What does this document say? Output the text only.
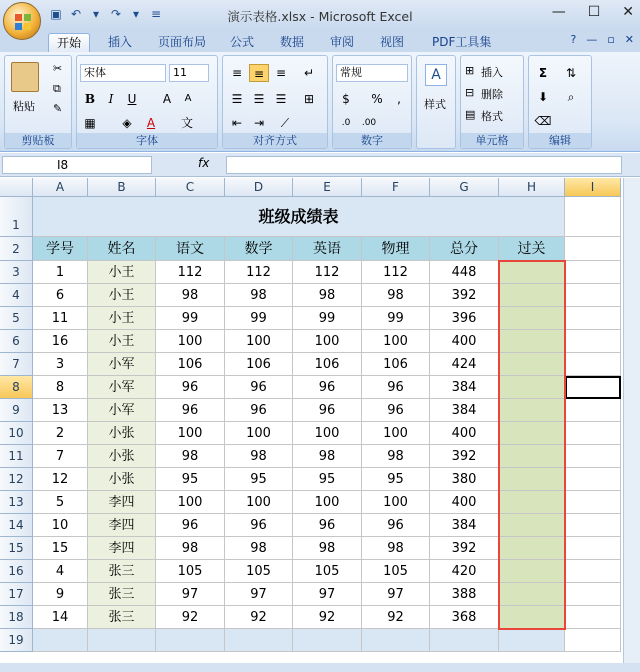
▣ ↶ ▾ ↷ ▾ ≡	演示表格.xlsx - Microsoft Excel	— ☐ ✕
开始	插入	页面布局	公式	数据	审阅	视图	PDF工具集	? — ▫ ✕
粘贴
✂
⧉
✎
剪贴板
宋体	11
B	I	U	A	A
▦	◈	A	文
字体
≡ ≡ ≡	↵
☰ ☰ ☰	⊞
⇤ ⇥	⟋
对齐方式
常规
$	%	,
.0	.00
数字
A
样式
⊞ 插入
⊟ 删除
▤ 格式
单元格
Σ	⇅
⬇	⌕
⌫
编辑
I8	fx
A	B	C	D	E	F	G	H	I
1
2
3
4
5
6
7
8
9
10
11
12
13
14
15
16
17
18
19
班级成绩表
学号	姓名	语文	数学	英语	物理	总分	过关
1	小王	112	112	112	112	448
6	小王	98	98	98	98	392
11	小王	99	99	99	99	396
16	小王	100	100	100	100	400
3	小军	106	106	106	106	424
8	小军	96	96	96	96	384
13	小军	96	96	96	96	384
2	小张	100	100	100	100	400
7	小张	98	98	98	98	392
12	小张	95	95	95	95	380
5	李四	100	100	100	100	400
10	李四	96	96	96	96	384
15	李四	98	98	98	98	392
4	张三	105	105	105	105	420
9	张三	97	97	97	97	388
14	张三	92	92	92	92	368
